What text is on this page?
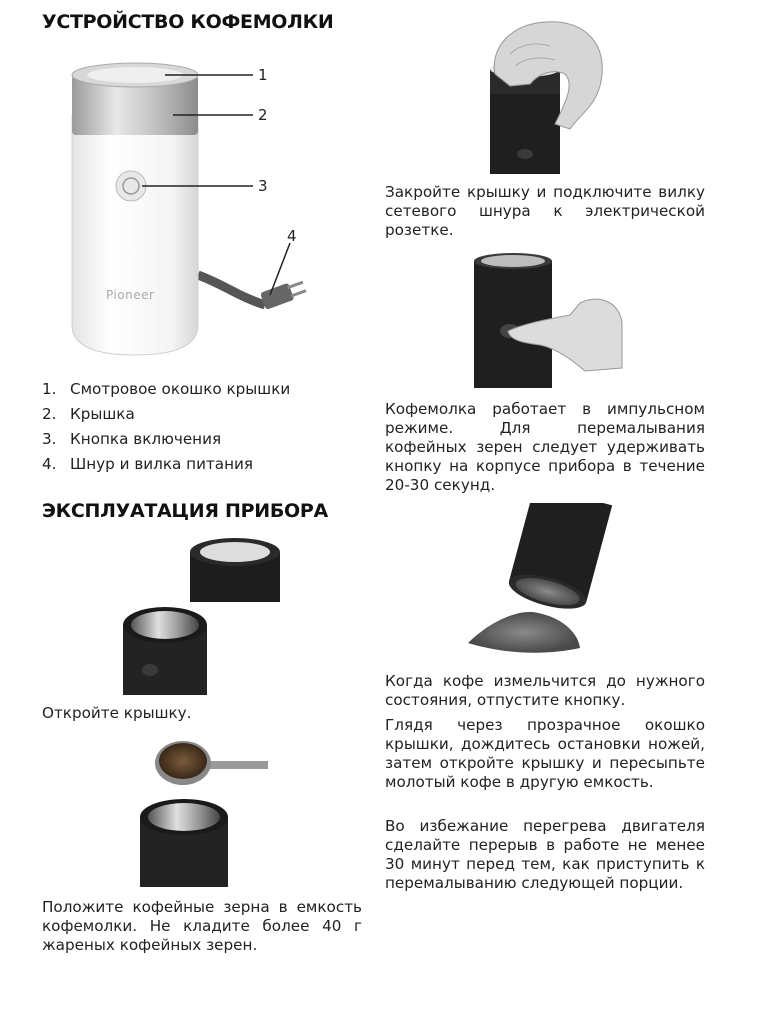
УСТРОЙСТВО КОФЕМОЛКИ
Pioneer
1
2
3
4
1. Смотровое окошко крышки
2. Крышка
3. Кнопка включения
4. Шнур и вилка питания
ЭКСПЛУАТАЦИЯ ПРИБОРА

Откройте крышку.

Положите кофейные зерна в емкость кофемолки. Не кладите более 40 г жареных кофейных зерен.

Закройте крышку и подключите вилку сетевого шнура к электрической розетке.

Кофемолка работает в импульсном режиме. Для перемалывания кофейных зерен следует удерживать кнопку на корпусе прибора в течение 20-30 секунд.

Когда кофе измельчится до нужного состояния, отпустите кнопку.

Глядя через прозрачное окошко крышки, дождитесь остановки ножей, затем откройте крышку и пересыпьте молотый кофе в другую емкость.

Во избежание перегрева двигателя сделайте перерыв в работе не менее 30 минут перед тем, как приступить к перемалыванию следующей порции.
